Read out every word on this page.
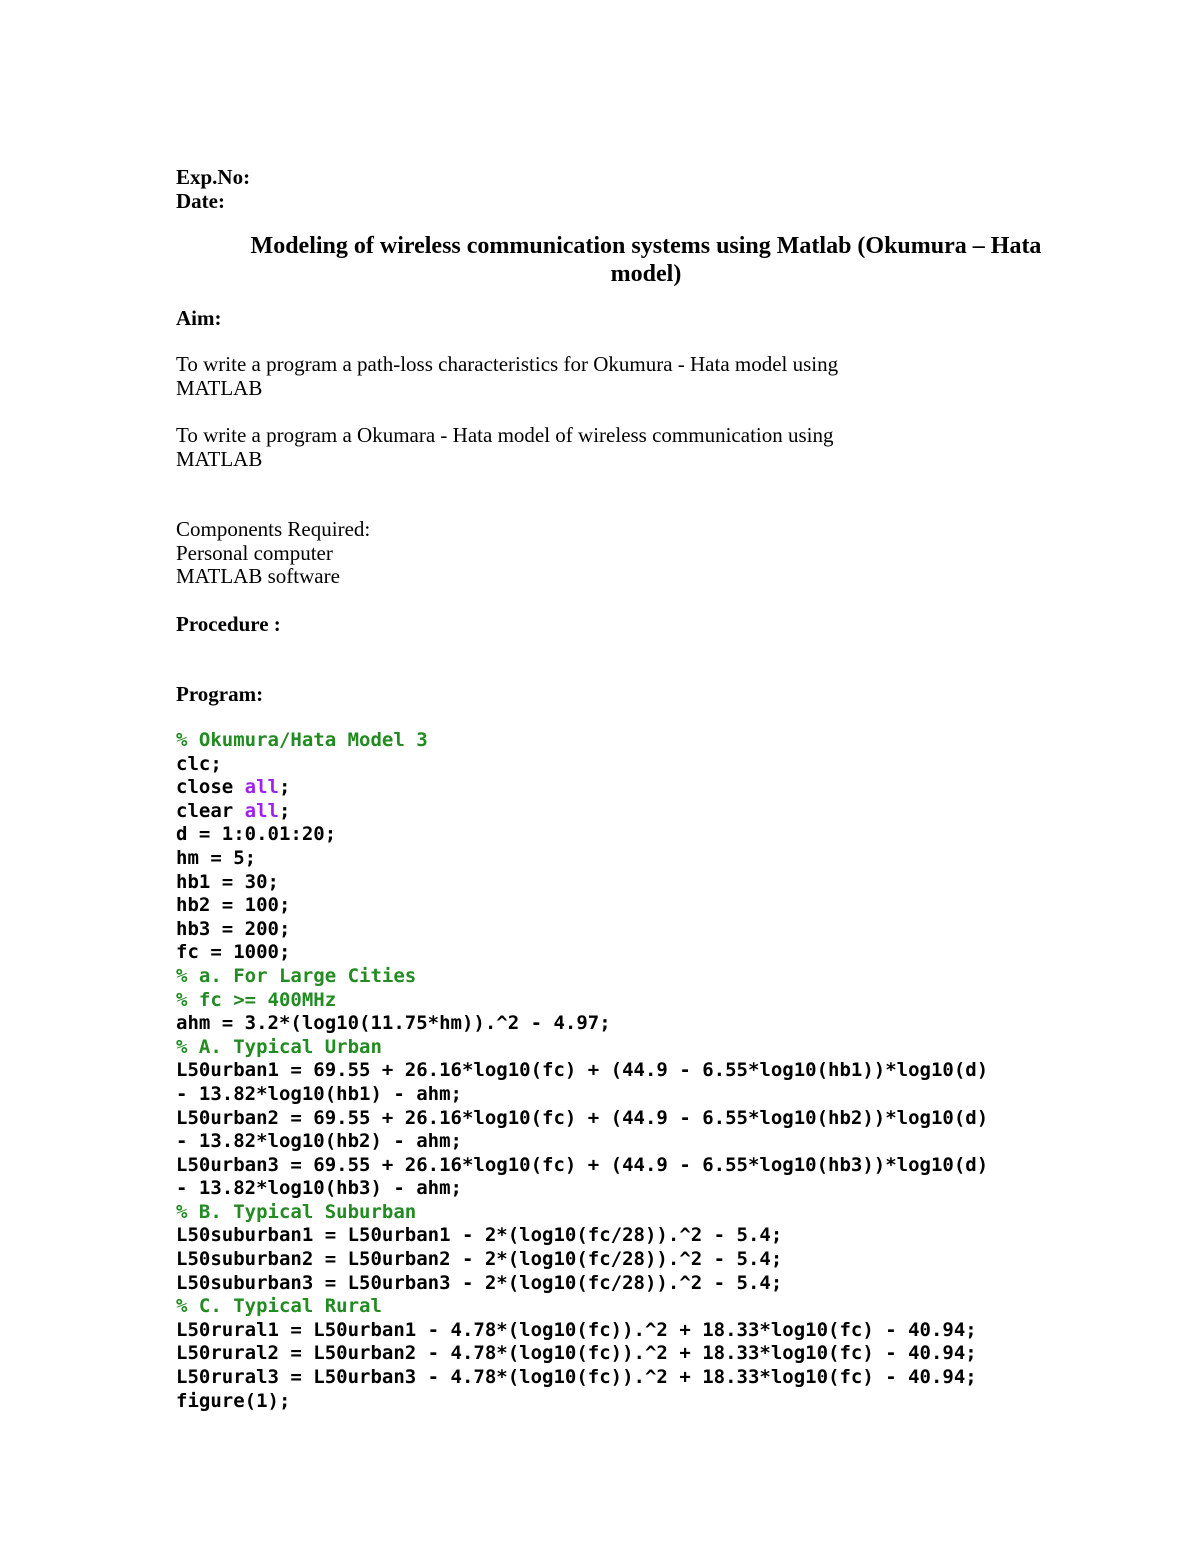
Exp.No:
Date:
Modeling of wireless communication systems using Matlab (Okumura – Hata
model)
Aim:
To write a program a path-loss characteristics for Okumura - Hata model using
MATLAB
To write a program a Okumara - Hata model of wireless communication using
MATLAB
Components Required:
Personal computer
MATLAB software
Procedure :
Program:
% Okumura/Hata Model 3
clc;
close all;
clear all;
d = 1:0.01:20;
hm = 5;
hb1 = 30;
hb2 = 100;
hb3 = 200;
fc = 1000;
% a. For Large Cities
% fc >= 400MHz
ahm = 3.2*(log10(11.75*hm)).^2 - 4.97;
% A. Typical Urban
L50urban1 = 69.55 + 26.16*log10(fc) + (44.9 - 6.55*log10(hb1))*log10(d)
- 13.82*log10(hb1) - ahm;
L50urban2 = 69.55 + 26.16*log10(fc) + (44.9 - 6.55*log10(hb2))*log10(d)
- 13.82*log10(hb2) - ahm;
L50urban3 = 69.55 + 26.16*log10(fc) + (44.9 - 6.55*log10(hb3))*log10(d)
- 13.82*log10(hb3) - ahm;
% B. Typical Suburban
L50suburban1 = L50urban1 - 2*(log10(fc/28)).^2 - 5.4;
L50suburban2 = L50urban2 - 2*(log10(fc/28)).^2 - 5.4;
L50suburban3 = L50urban3 - 2*(log10(fc/28)).^2 - 5.4;
% C. Typical Rural
L50rural1 = L50urban1 - 4.78*(log10(fc)).^2 + 18.33*log10(fc) - 40.94;
L50rural2 = L50urban2 - 4.78*(log10(fc)).^2 + 18.33*log10(fc) - 40.94;
L50rural3 = L50urban3 - 4.78*(log10(fc)).^2 + 18.33*log10(fc) - 40.94;
figure(1);
